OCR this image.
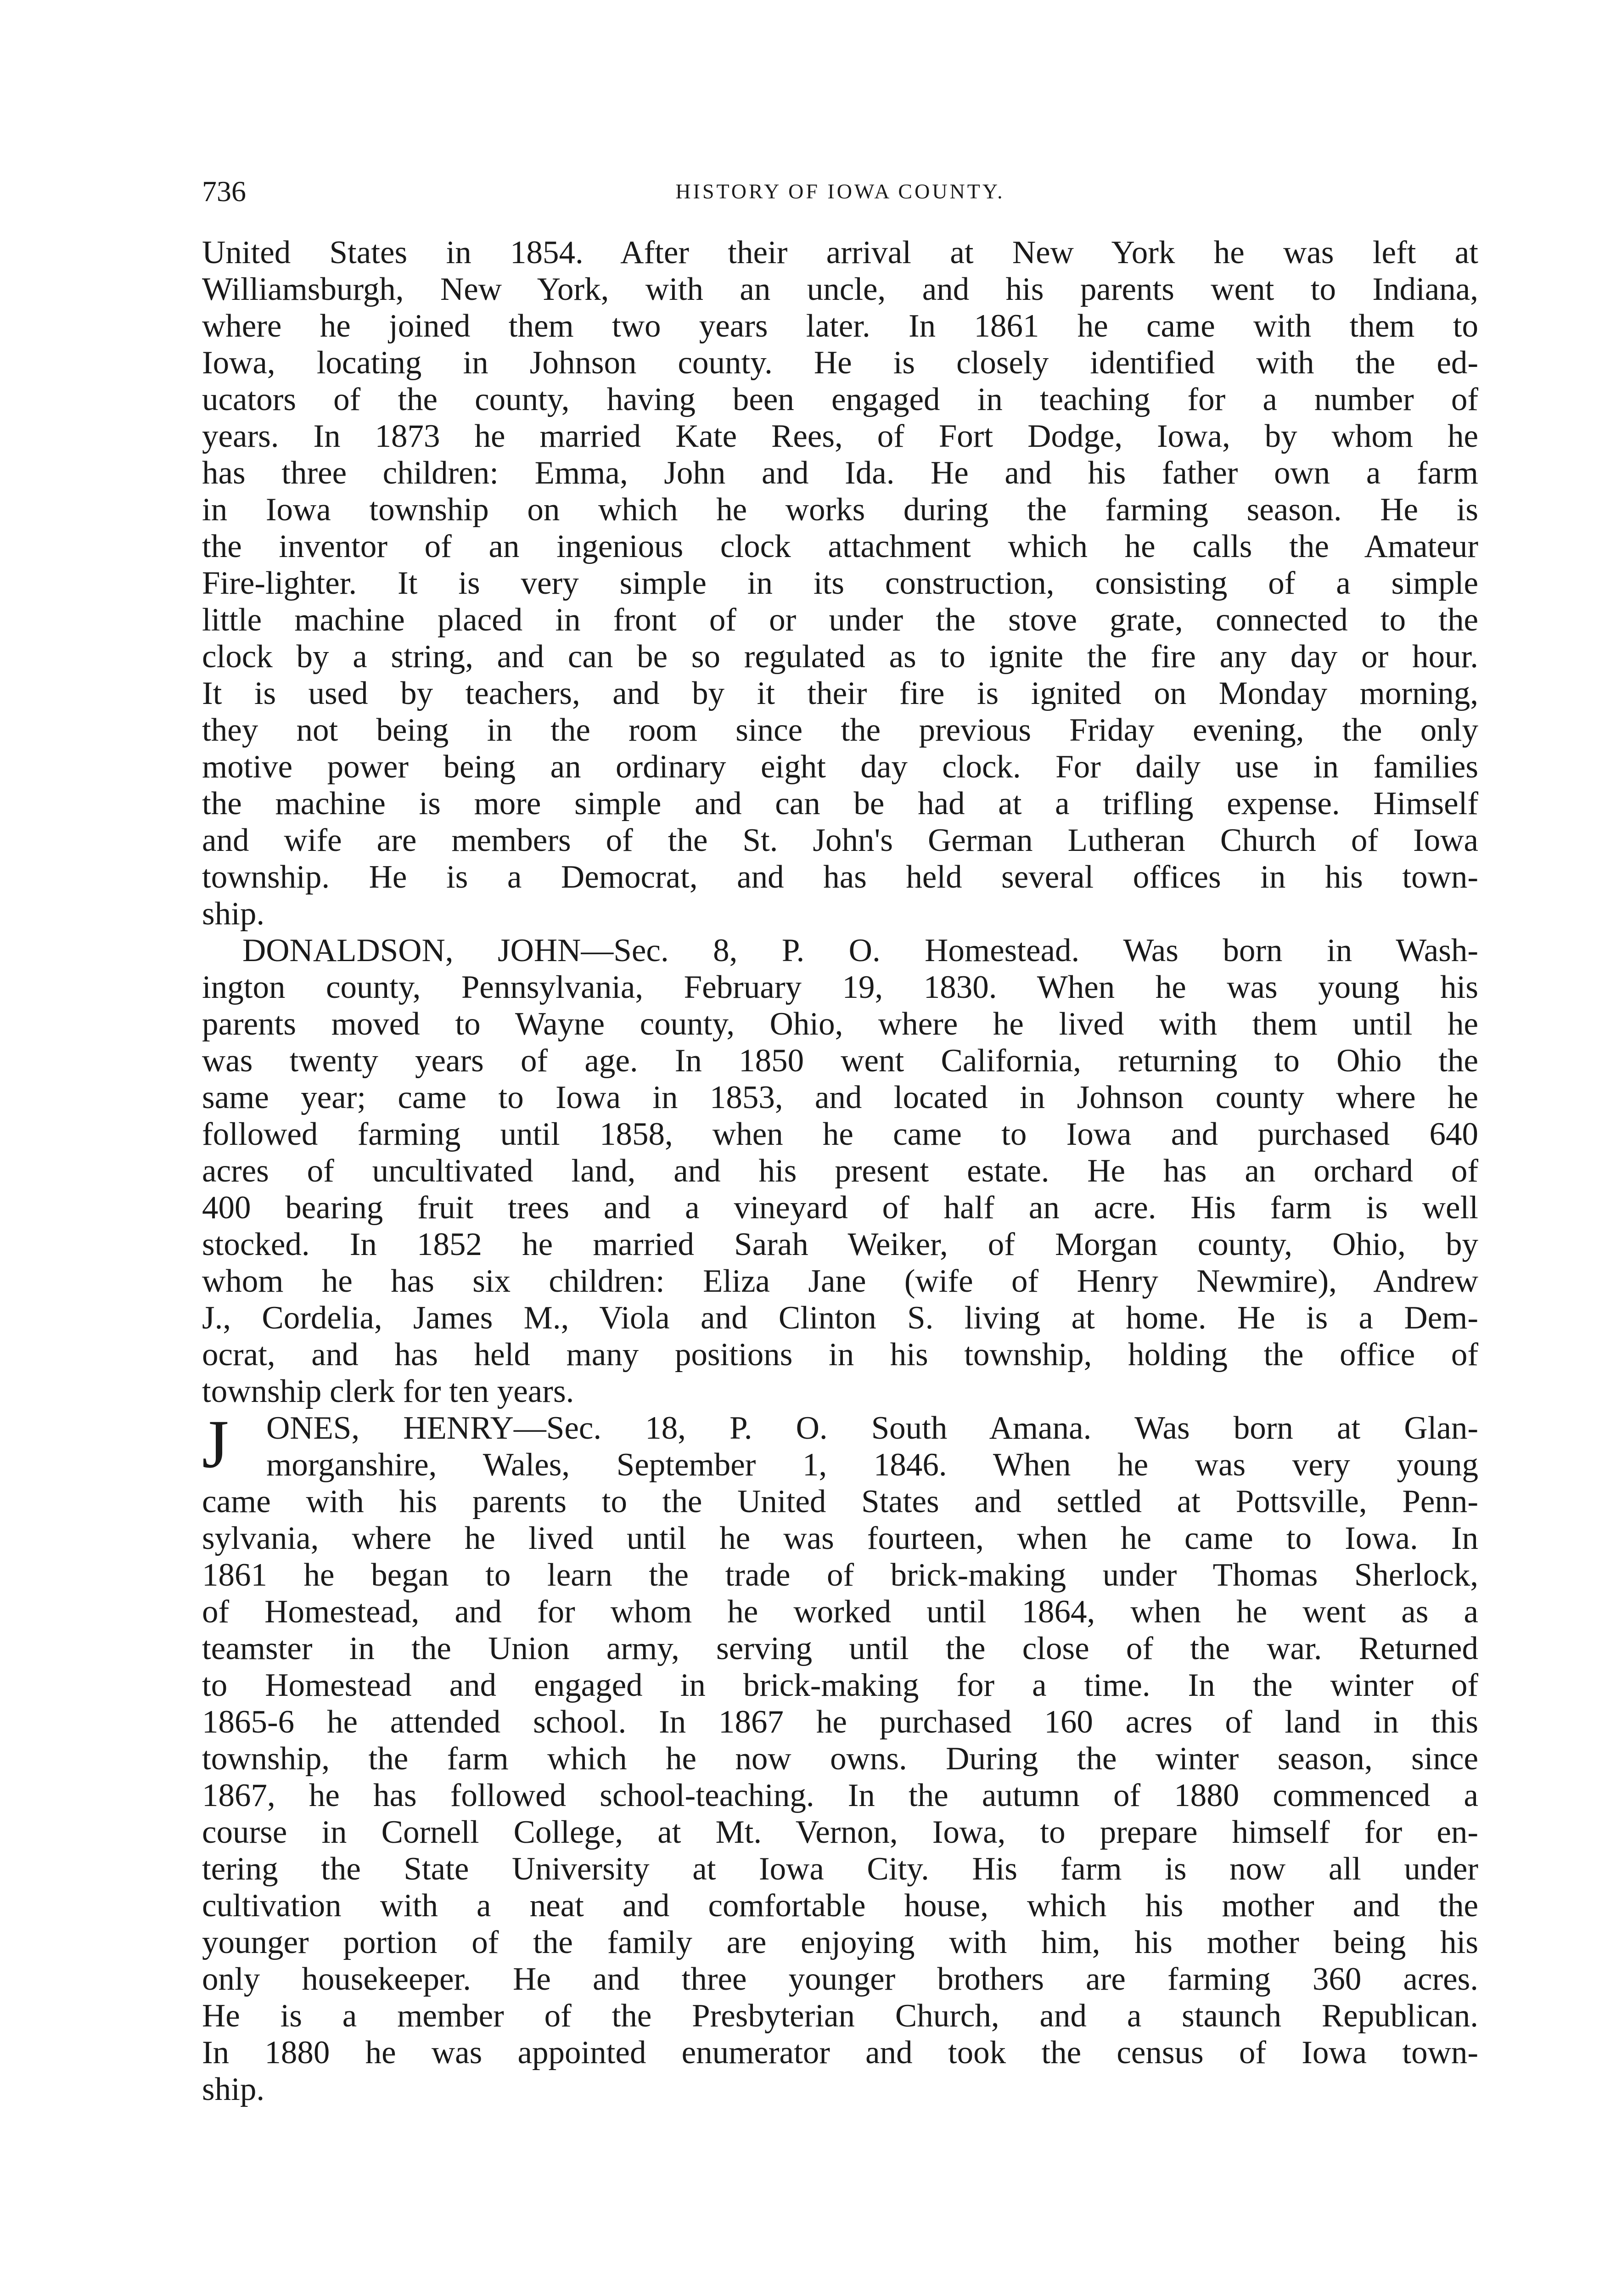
736	HISTORY OF IOWA COUNTY.
United States in 1854. After their arrival at New York he was left at
Williamsburgh, New York, with an uncle, and his parents went to Indiana,
where he joined them two years later. In 1861 he came with them to
Iowa, locating in Johnson county. He is closely identified with the ed-
ucators of the county, having been engaged in teaching for a number of
years. In 1873 he married Kate Rees, of Fort Dodge, Iowa, by whom he
has three children: Emma, John and Ida. He and his father own a farm
in Iowa township on which he works during the farming season. He is
the inventor of an ingenious clock attachment which he calls the Amateur
Fire-lighter. It is very simple in its construction, consisting of a simple
little machine placed in front of or under the stove grate, connected to the
clock by a string, and can be so regulated as to ignite the fire any day or hour.
It is used by teachers, and by it their fire is ignited on Monday morning,
they not being in the room since the previous Friday evening, the only
motive power being an ordinary eight day clock. For daily use in families
the machine is more simple and can be had at a trifling expense. Himself
and wife are members of the St. John's German Lutheran Church of Iowa
township. He is a Democrat, and has held several offices in his town-
ship.
DONALDSON, JOHN—Sec. 8, P. O. Homestead. Was born in Wash-
ington county, Pennsylvania, February 19, 1830. When he was young his
parents moved to Wayne county, Ohio, where he lived with them until he
was twenty years of age. In 1850 went California, returning to Ohio the
same year; came to Iowa in 1853, and located in Johnson county where he
followed farming until 1858, when he came to Iowa and purchased 640
acres of uncultivated land, and his present estate. He has an orchard of
400 bearing fruit trees and a vineyard of half an acre. His farm is well
stocked. In 1852 he married Sarah Weiker, of Morgan county, Ohio, by
whom he has six children: Eliza Jane (wife of Henry Newmire), Andrew
J., Cordelia, James M., Viola and Clinton S. living at home. He is a Dem-
ocrat, and has held many positions in his township, holding the office of
township clerk for ten years.
J ONES, HENRY—Sec. 18, P. O. South Amana. Was born at Glan-
morganshire, Wales, September 1, 1846. When he was very young
came with his parents to the United States and settled at Pottsville, Penn-
sylvania, where he lived until he was fourteen, when he came to Iowa. In
1861 he began to learn the trade of brick-making under Thomas Sherlock,
of Homestead, and for whom he worked until 1864, when he went as a
teamster in the Union army, serving until the close of the war. Returned
to Homestead and engaged in brick-making for a time. In the winter of
1865-6 he attended school. In 1867 he purchased 160 acres of land in this
township, the farm which he now owns. During the winter season, since
1867, he has followed school-teaching. In the autumn of 1880 commenced a
course in Cornell College, at Mt. Vernon, Iowa, to prepare himself for en-
tering the State University at Iowa City. His farm is now all under
cultivation with a neat and comfortable house, which his mother and the
younger portion of the family are enjoying with him, his mother being his
only housekeeper. He and three younger brothers are farming 360 acres.
He is a member of the Presbyterian Church, and a staunch Republican.
In 1880 he was appointed enumerator and took the census of Iowa town-
ship.
